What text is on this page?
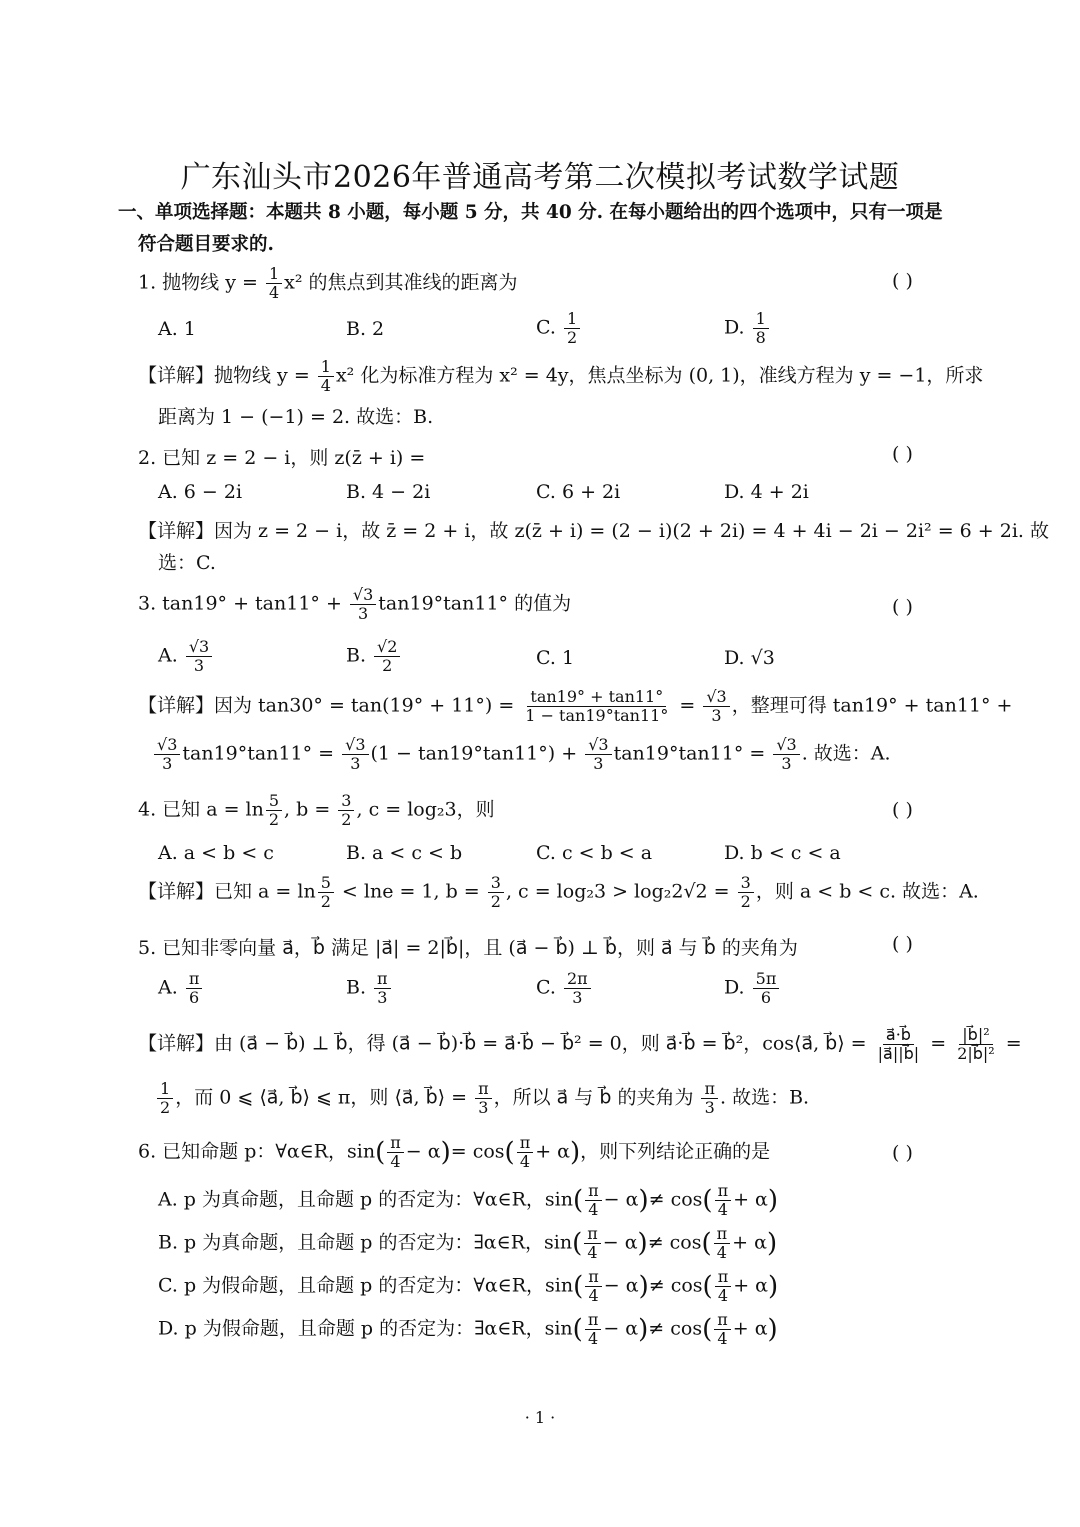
广东汕头市2026年普通高考第二次模拟考试数学试题
一、单项选择题：本题共 8 小题，每小题 5 分，共 40 分. 在每小题给出的四个选项中，只有一项是
符合题目要求的.
1. 抛物线 $y = \frac{1}{4} x^2$ 的焦点到其准线的距离为	( )
A. 1	B. 2	C. $\frac{1}{2}$	D. $\frac{1}{8}$
【详解】抛物线 $y = \frac{1}{4} x^2$ 化为标准方程为 x² = 4y，焦点坐标为 (0, 1)，准线方程为 y = −1，所求
距离为 1 − (−1) = 2. 故选：B.
2. 已知 z = 2 − i，则 z(z̄ + i) =	( )
A. 6 − 2i	B. 4 − 2i	C. 6 + 2i	D. 4 + 2i
【详解】因为 z = 2 − i，故 z̄ = 2 + i，故 z(z̄ + i) = (2 − i)(2 + 2i) = 4 + 4i − 2i − 2i² = 6 + 2i. 故
选：C.
3. $\tan 19^\circ + \tan 11^\circ + \frac{√3}{3} \tan 19^\circ\tan 11^\circ$ 的值为	( )
A. $\frac{√3}{3}$	B. $\frac{√2}{2}$	C. 1	D. √3
【详解】因为 $\tan 30^\circ = \tan(19^\circ + 11^\circ) = \frac{\tan 19^\circ + \tan 11^\circ}{1 - \tan 19^\circ\tan 11^\circ} = \frac{√3}{3}$ ，整理可得 tan19° + tan11° +
$\frac{√3}{3} \tan 19^\circ\tan 11^\circ = \frac{√3}{3} (1 - \tan 19^\circ\tan 11^\circ) + \frac{√3}{3} \tan 19^\circ\tan 11^\circ = \frac{√3}{3}$ . 故选：A.
4. 已知 $a = \ln \frac{5}{2}$ , $b = \frac{3}{2}$ , c = log₂3，则	( )
A. a < b < c	B. a < c < b	C. c < b < a	D. b < c < a
【详解】已知 $a = \ln \frac{5}{2} < \ln e = 1$, $b = \frac{3}{2}$ , $c = \log_23 > \log_22√2 = \frac{3}{2}$ ，则 a < b < c. 故选：A.
5. 已知非零向量 a⃗，b⃗ 满足 |a⃗| = 2|b⃗|，且 (a⃗ − b⃗) ⊥ b⃗，则 a⃗ 与 b⃗ 的夹角为	( )
A. $\frac{\pi}{6}$	B. $\frac{\pi}{3}$	C. $\frac{2\pi}{3}$	D. $\frac{5\pi}{6}$
【详解】由 (a⃗ − b⃗) ⊥ b⃗，得 (a⃗ − b⃗)·b⃗ = a⃗·b⃗ − b⃗² = 0，则 a⃗·b⃗ = b⃗²，cos⟨a⃗, b⃗⟩ = $\frac{a⃗\cdot b⃗}{|a⃗||b⃗|} = \frac{\text{|b⃗|²}}{\text{2|b⃗|²}}$ =
$\frac{1}{2}$ ，而 0 ⩽ ⟨a⃗, b⃗⟩ ⩽ π，则 ⟨a⃗, b⃗⟩ = $\frac{\pi}{3}$ ，所以 a⃗ 与 b⃗ 的夹角为 $\frac{\pi}{3}$ . 故选：B.
6. 已知命题 p：∀α∈R，$\sin( \frac{\pi}{4} - \alpha)= \cos( \frac{\pi}{4} + \alpha)$，则下列结论正确的是	( )
A. p 为真命题，且命题 p 的否定为：∀α∈R，$\sin( \frac{\pi}{4} - \alpha)\ne \cos( \frac{\pi}{4} + \alpha)$
B. p 为真命题，且命题 p 的否定为：∃α∈R，$\sin( \frac{\pi}{4} - \alpha)\ne \cos( \frac{\pi}{4} + \alpha)$
C. p 为假命题，且命题 p 的否定为：∀α∈R，$\sin( \frac{\pi}{4} - \alpha)\ne \cos( \frac{\pi}{4} + \alpha)$
D. p 为假命题，且命题 p 的否定为：∃α∈R，$\sin( \frac{\pi}{4} - \alpha)\ne \cos( \frac{\pi}{4} + \alpha)$
· 1 ·
